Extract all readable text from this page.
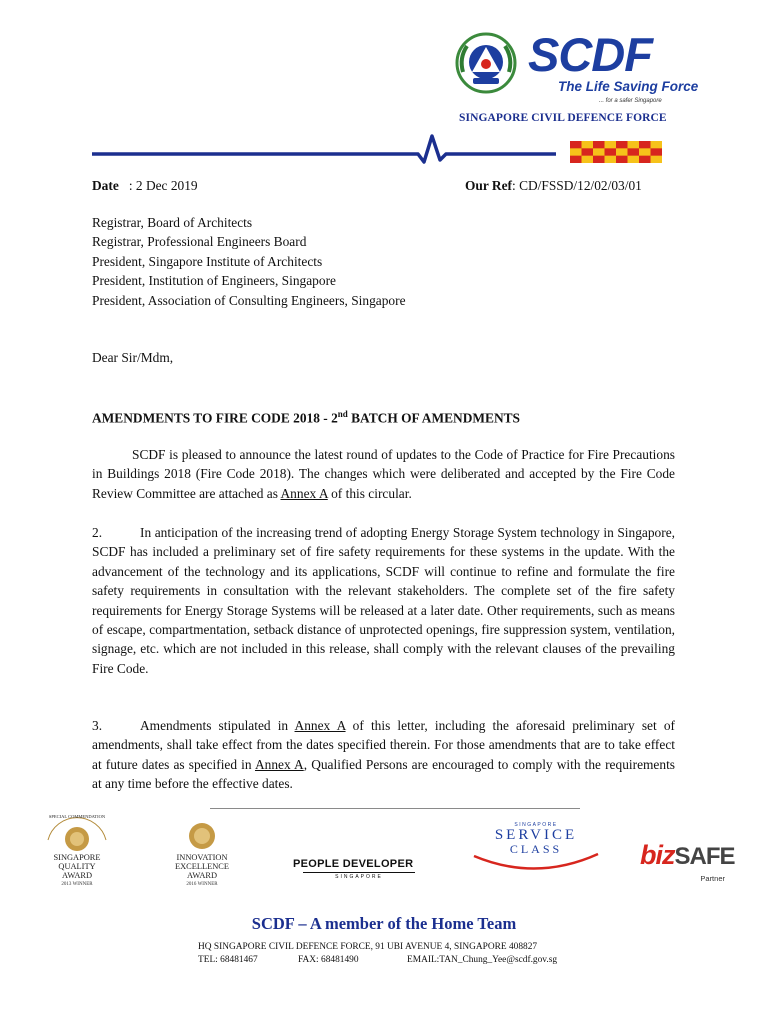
SCDF
The Life Saving Force
... for a safer Singapore
SINGAPORE CIVIL DEFENCE FORCE
Date : 2 Dec 2019	Our Ref: CD/FSSD/12/02/03/01
Registrar, Board of Architects
Registrar, Professional Engineers Board
President, Singapore Institute of Architects
President, Institution of Engineers, Singapore
President, Association of Consulting Engineers, Singapore
Dear Sir/Mdm,
AMENDMENTS TO FIRE CODE 2018 - 2nd BATCH OF AMENDMENTS
SCDF is pleased to announce the latest round of updates to the Code of Practice for Fire Precautions in Buildings 2018 (Fire Code 2018). The changes which were deliberated and accepted by the Fire Code Review Committee are attached as Annex A of this circular.
2.	In anticipation of the increasing trend of adopting Energy Storage System technology in Singapore, SCDF has included a preliminary set of fire safety requirements for these systems in the update. With the advancement of the technology and its applications, SCDF will continue to refine and formulate the fire safety requirements in consultation with the relevant stakeholders. The complete set of the fire safety requirements for Energy Storage Systems will be released at a later date. Other requirements, such as means of escape, compartmentation, setback distance of unprotected openings, fire suppression system, ventilation, signage, etc. which are not included in this release, shall comply with the relevant clauses of the prevailing Fire Code.
3.	Amendments stipulated in Annex A of this letter, including the aforesaid preliminary set of amendments, shall take effect from the dates specified therein. For those amendments that are to take effect at future dates as specified in Annex A, Qualified Persons are encouraged to comply with the requirements at any time before the effective dates.
SPECIAL COMMENDATION
SINGAPORE
QUALITY
AWARD
2013 WINNER
INNOVATION
EXCELLENCE
AWARD
2016 WINNER
PEOPLE DEVELOPER
SINGAPORE
SINGAPORE
SERVICE
CLASS	bizSAFE
Partner
SCDF – A member of the Home Team
HQ SINGAPORE CIVIL DEFENCE FORCE, 91 UBI AVENUE 4, SINGAPORE 408827
TEL: 68481467	FAX: 68481490	EMAIL:TAN_Chung_Yee@scdf.gov.sg
